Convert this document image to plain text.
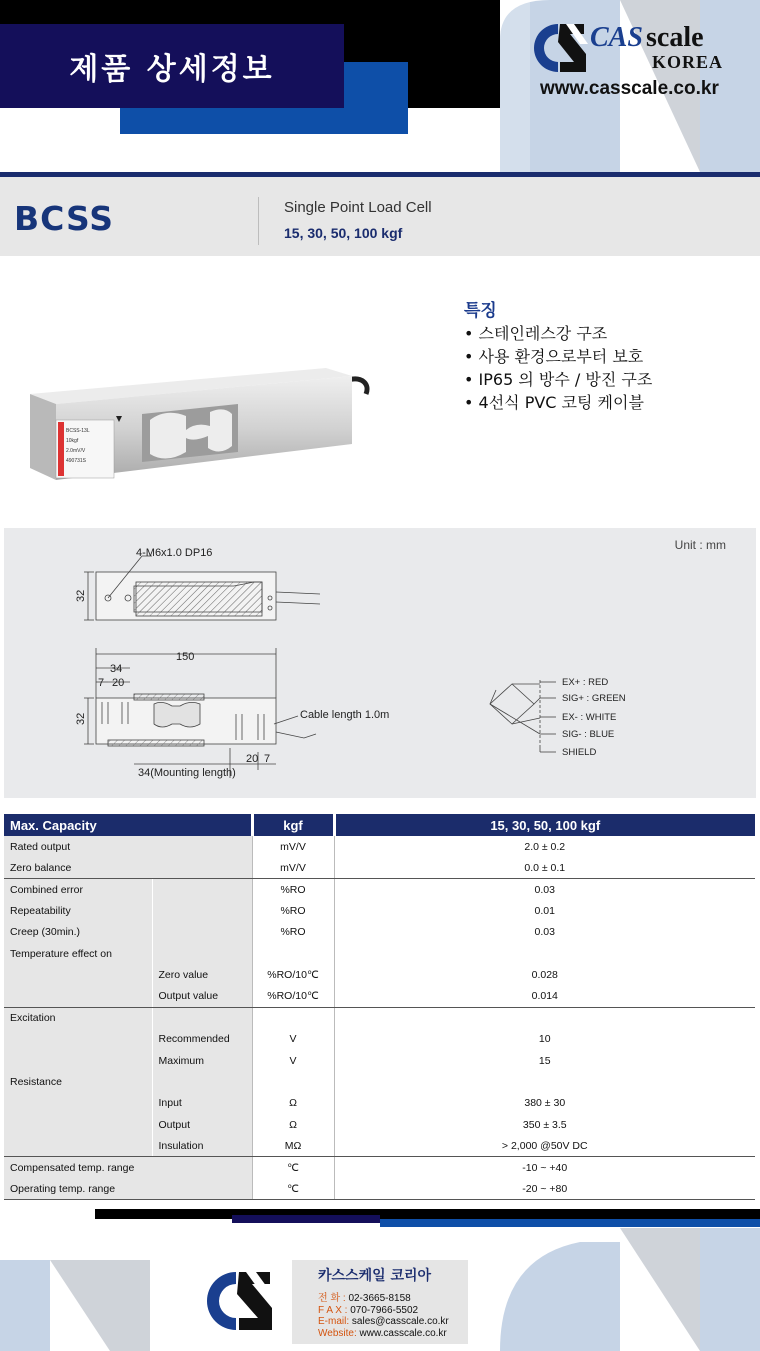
제품 상세정보
CAS scale
KOREA
www.casscale.co.kr
BCSS	Single Point Load Cell
15, 30, 50, 100 kgf
BCSS-13L
10kgf
2.0mV/V
490731S
특징
• 스테인레스강 구조
• 사용 환경으로부터 보호
• IP65 의 방수 / 방진 구조
• 4선식 PVC 코팅 케이블
Unit : mm
4-M6x1.0 DP16
32
150
34
7 20
32	Cable length 1.0m
20 7
34(Mounting length)
EX+ : RED
SIG+ : GREEN
EX- : WHITE
SIG- : BLUE
SHIELD
Max. Capacity		kgf	15, 30, 50, 100 kgf
Rated output		mV/V	2.0 ± 0.2
Zero balance		mV/V	0.0 ± 0.1
Combined error		%RO	0.03
Repeatability		%RO	0.01
Creep (30min.)		%RO	0.03
Temperature effect on			
	Zero value	%RO/10℃	0.028
	Output value	%RO/10℃	0.014
Excitation			
	Recommended	V	10
	Maximum	V	15
Resistance			
	Input	Ω	380 ± 30
	Output	Ω	350 ± 3.5
	Insulation	MΩ	> 2,000 @50V DC
Compensated temp. range		℃	-10 ~ +40
Operating temp. range		℃	-20 ~ +80
카스스케일 코리아
전 화 : 02-3665-8158
F A X : 070-7966-5502
E-mail: sales@casscale.co.kr
Website: www.casscale.co.kr
